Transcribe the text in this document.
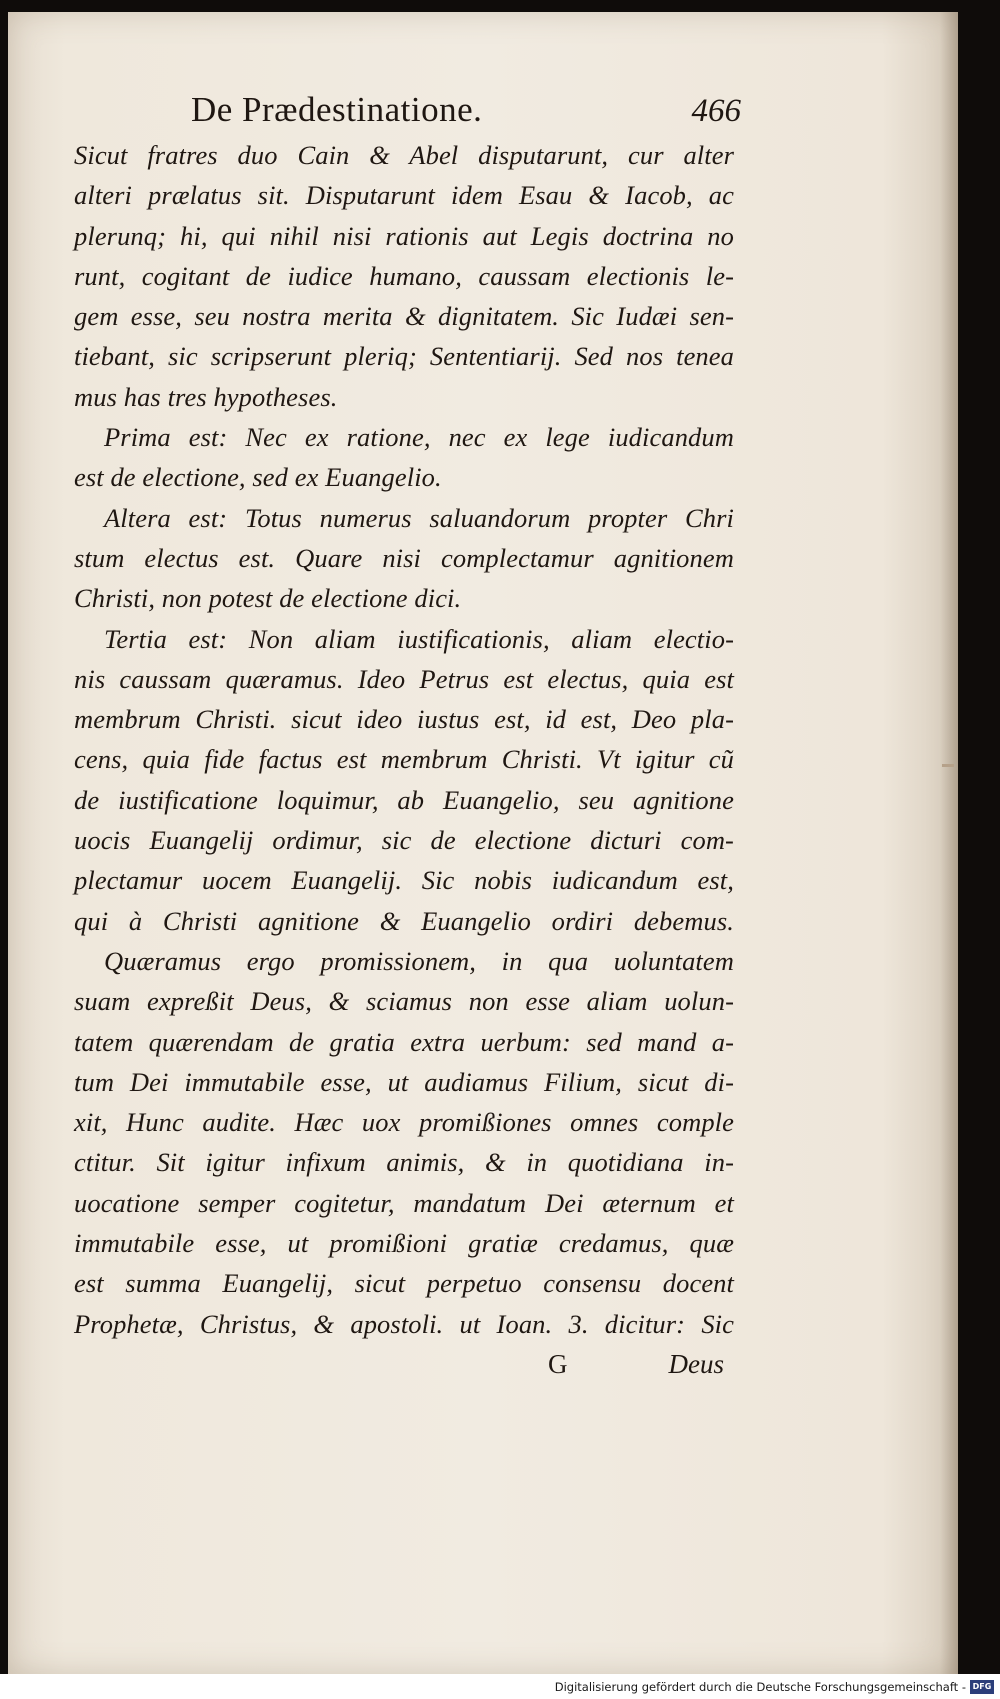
De Prædestinatione.	466
Sicut fratres duo Cain & Abel disputarunt, cur alter
alteri prælatus sit. Disputarunt idem Esau & Iacob, ac
plerunq; hi, qui nihil nisi rationis aut Legis doctrina no
runt, cogitant de iudice humano, caussam electionis le-
gem esse, seu nostra merita & dignitatem. Sic Iudæi sen-
tiebant, sic scripserunt pleriq; Sententiarij. Sed nos tenea
mus has tres hypotheses.
Prima est: Nec ex ratione, nec ex lege iudicandum
est de electione, sed ex Euangelio.
Altera est: Totus numerus saluandorum propter Chri
stum electus est. Quare nisi complectamur agnitionem
Christi, non potest de electione dici.
Tertia est: Non aliam iustificationis, aliam electio-
nis caussam quæramus. Ideo Petrus est electus, quia est
membrum Christi. sicut ideo iustus est, id est, Deo pla-
cens, quia fide factus est membrum Christi. Vt igitur cũ
de iustificatione loquimur, ab Euangelio, seu agnitione
uocis Euangelij ordimur, sic de electione dicturi com-
plectamur uocem Euangelij. Sic nobis iudicandum est,
qui à Christi agnitione & Euangelio ordiri debemus.
Quæramus ergo promissionem, in qua uoluntatem
suam expreßit Deus, & sciamus non esse aliam uolun-
tatem quærendam de gratia extra uerbum: sed mand a-
tum Dei immutabile esse, ut audiamus Filium, sicut di-
xit, Hunc audite. Hæc uox promißiones omnes comple
ctitur. Sit igitur infixum animis, & in quotidiana in-
uocatione semper cogitetur, mandatum Dei æternum et
immutabile esse, ut promißioni gratiæ credamus, quæ
est summa Euangelij, sicut perpetuo consensu docent
Prophetæ, Christus, & apostoli. ut Ioan. 3. dicitur: Sic
G	Deus
Digitalisierung gefördert durch die Deutsche Forschungsgemeinschaft - DFG
